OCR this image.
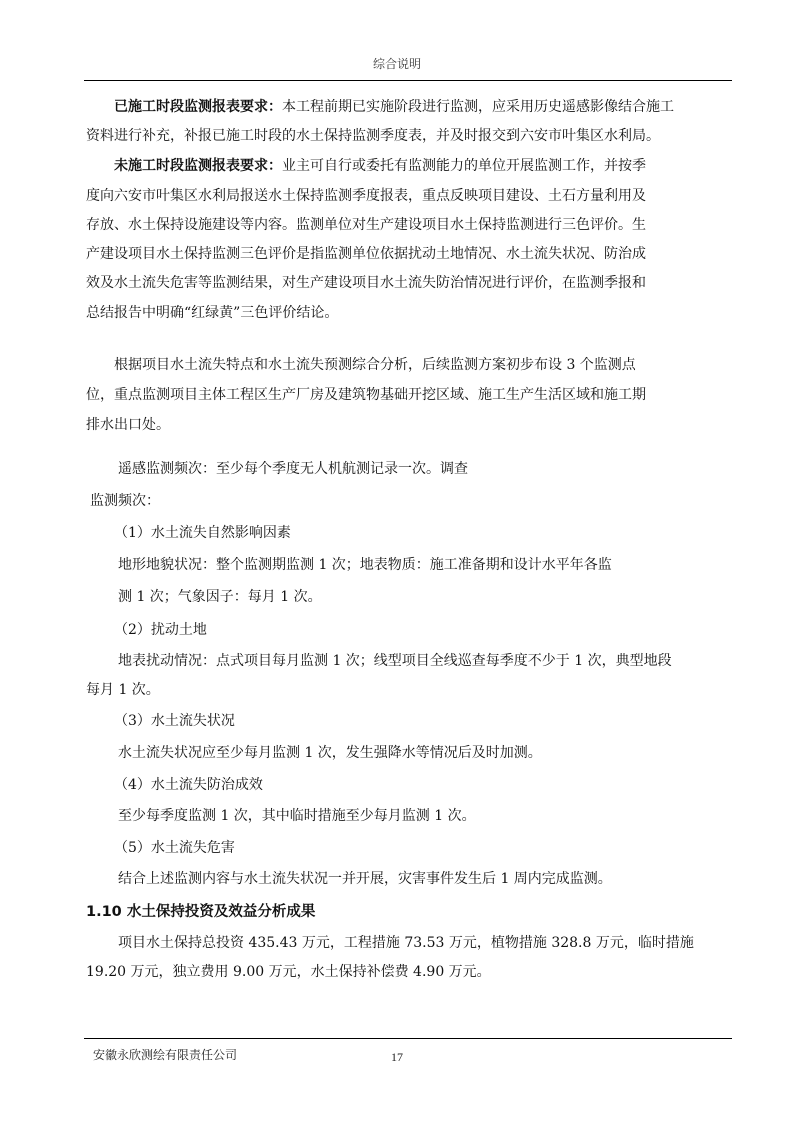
综合说明
已施工时段监测报表要求：本工程前期已实施阶段进行监测，应采用历史遥感影像结合施工
资料进行补充，补报已施工时段的水土保持监测季度表，并及时报交到六安市叶集区水利局。
未施工时段监测报表要求：业主可自行或委托有监测能力的单位开展监测工作，并按季
度向六安市叶集区水利局报送水土保持监测季度报表，重点反映项目建设、土石方量利用及
存放、水土保持设施建设等内容。监测单位对生产建设项目水土保持监测进行三色评价。生
产建设项目水土保持监测三色评价是指监测单位依据扰动土地情况、水土流失状况、防治成
效及水土流失危害等监测结果，对生产建设项目水土流失防治情况进行评价，在监测季报和
总结报告中明确“红绿黄”三色评价结论。
根据项目水土流失特点和水土流失预测综合分析，后续监测方案初步布设 3 个监测点
位，重点监测项目主体工程区生产厂房及建筑物基础开挖区域、施工生产生活区域和施工期
排水出口处。
遥感监测频次：至少每个季度无人机航测记录一次。调查
监测频次：
（1）水土流失自然影响因素
地形地貌状况：整个监测期监测 1 次；地表物质：施工准备期和设计水平年各监
测 1 次；气象因子：每月 1 次。
（2）扰动土地
地表扰动情况：点式项目每月监测 1 次；线型项目全线巡查每季度不少于 1 次，典型地段
每月 1 次。
（3）水土流失状况
水土流失状况应至少每月监测 1 次，发生强降水等情况后及时加测。
（4）水土流失防治成效
至少每季度监测 1 次，其中临时措施至少每月监测 1 次。
（5）水土流失危害
结合上述监测内容与水土流失状况一并开展，灾害事件发生后 1 周内完成监测。
1.10 水土保持投资及效益分析成果
项目水土保持总投资 435.43 万元，工程措施 73.53 万元，植物措施 328.8 万元，临时措施
19.20 万元，独立费用 9.00 万元，水土保持补偿费 4.90 万元。
安徽永欣测绘有限责任公司	17
